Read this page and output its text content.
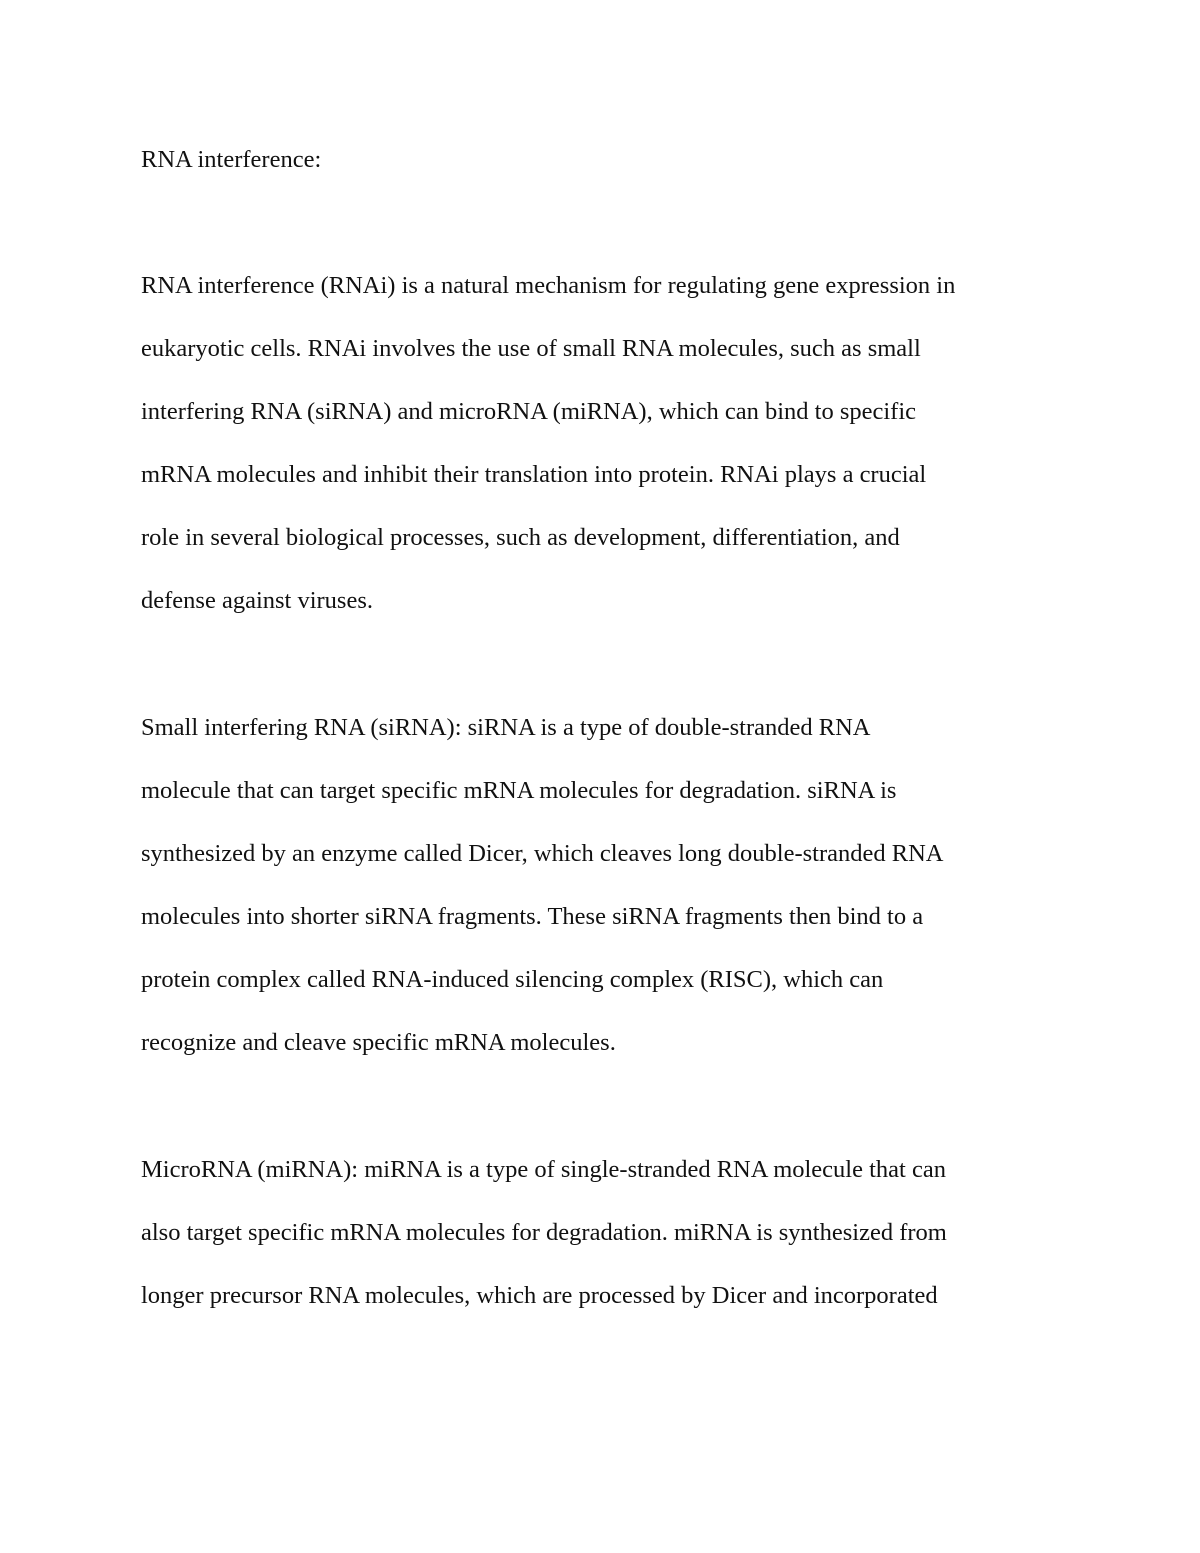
RNA interference:
RNA interference (RNAi) is a natural mechanism for regulating gene expression in
eukaryotic cells. RNAi involves the use of small RNA molecules, such as small
interfering RNA (siRNA) and microRNA (miRNA), which can bind to specific
mRNA molecules and inhibit their translation into protein. RNAi plays a crucial
role in several biological processes, such as development, differentiation, and
defense against viruses.
Small interfering RNA (siRNA): siRNA is a type of double-stranded RNA
molecule that can target specific mRNA molecules for degradation. siRNA is
synthesized by an enzyme called Dicer, which cleaves long double-stranded RNA
molecules into shorter siRNA fragments. These siRNA fragments then bind to a
protein complex called RNA-induced silencing complex (RISC), which can
recognize and cleave specific mRNA molecules.
MicroRNA (miRNA): miRNA is a type of single-stranded RNA molecule that can
also target specific mRNA molecules for degradation. miRNA is synthesized from
longer precursor RNA molecules, which are processed by Dicer and incorporated
